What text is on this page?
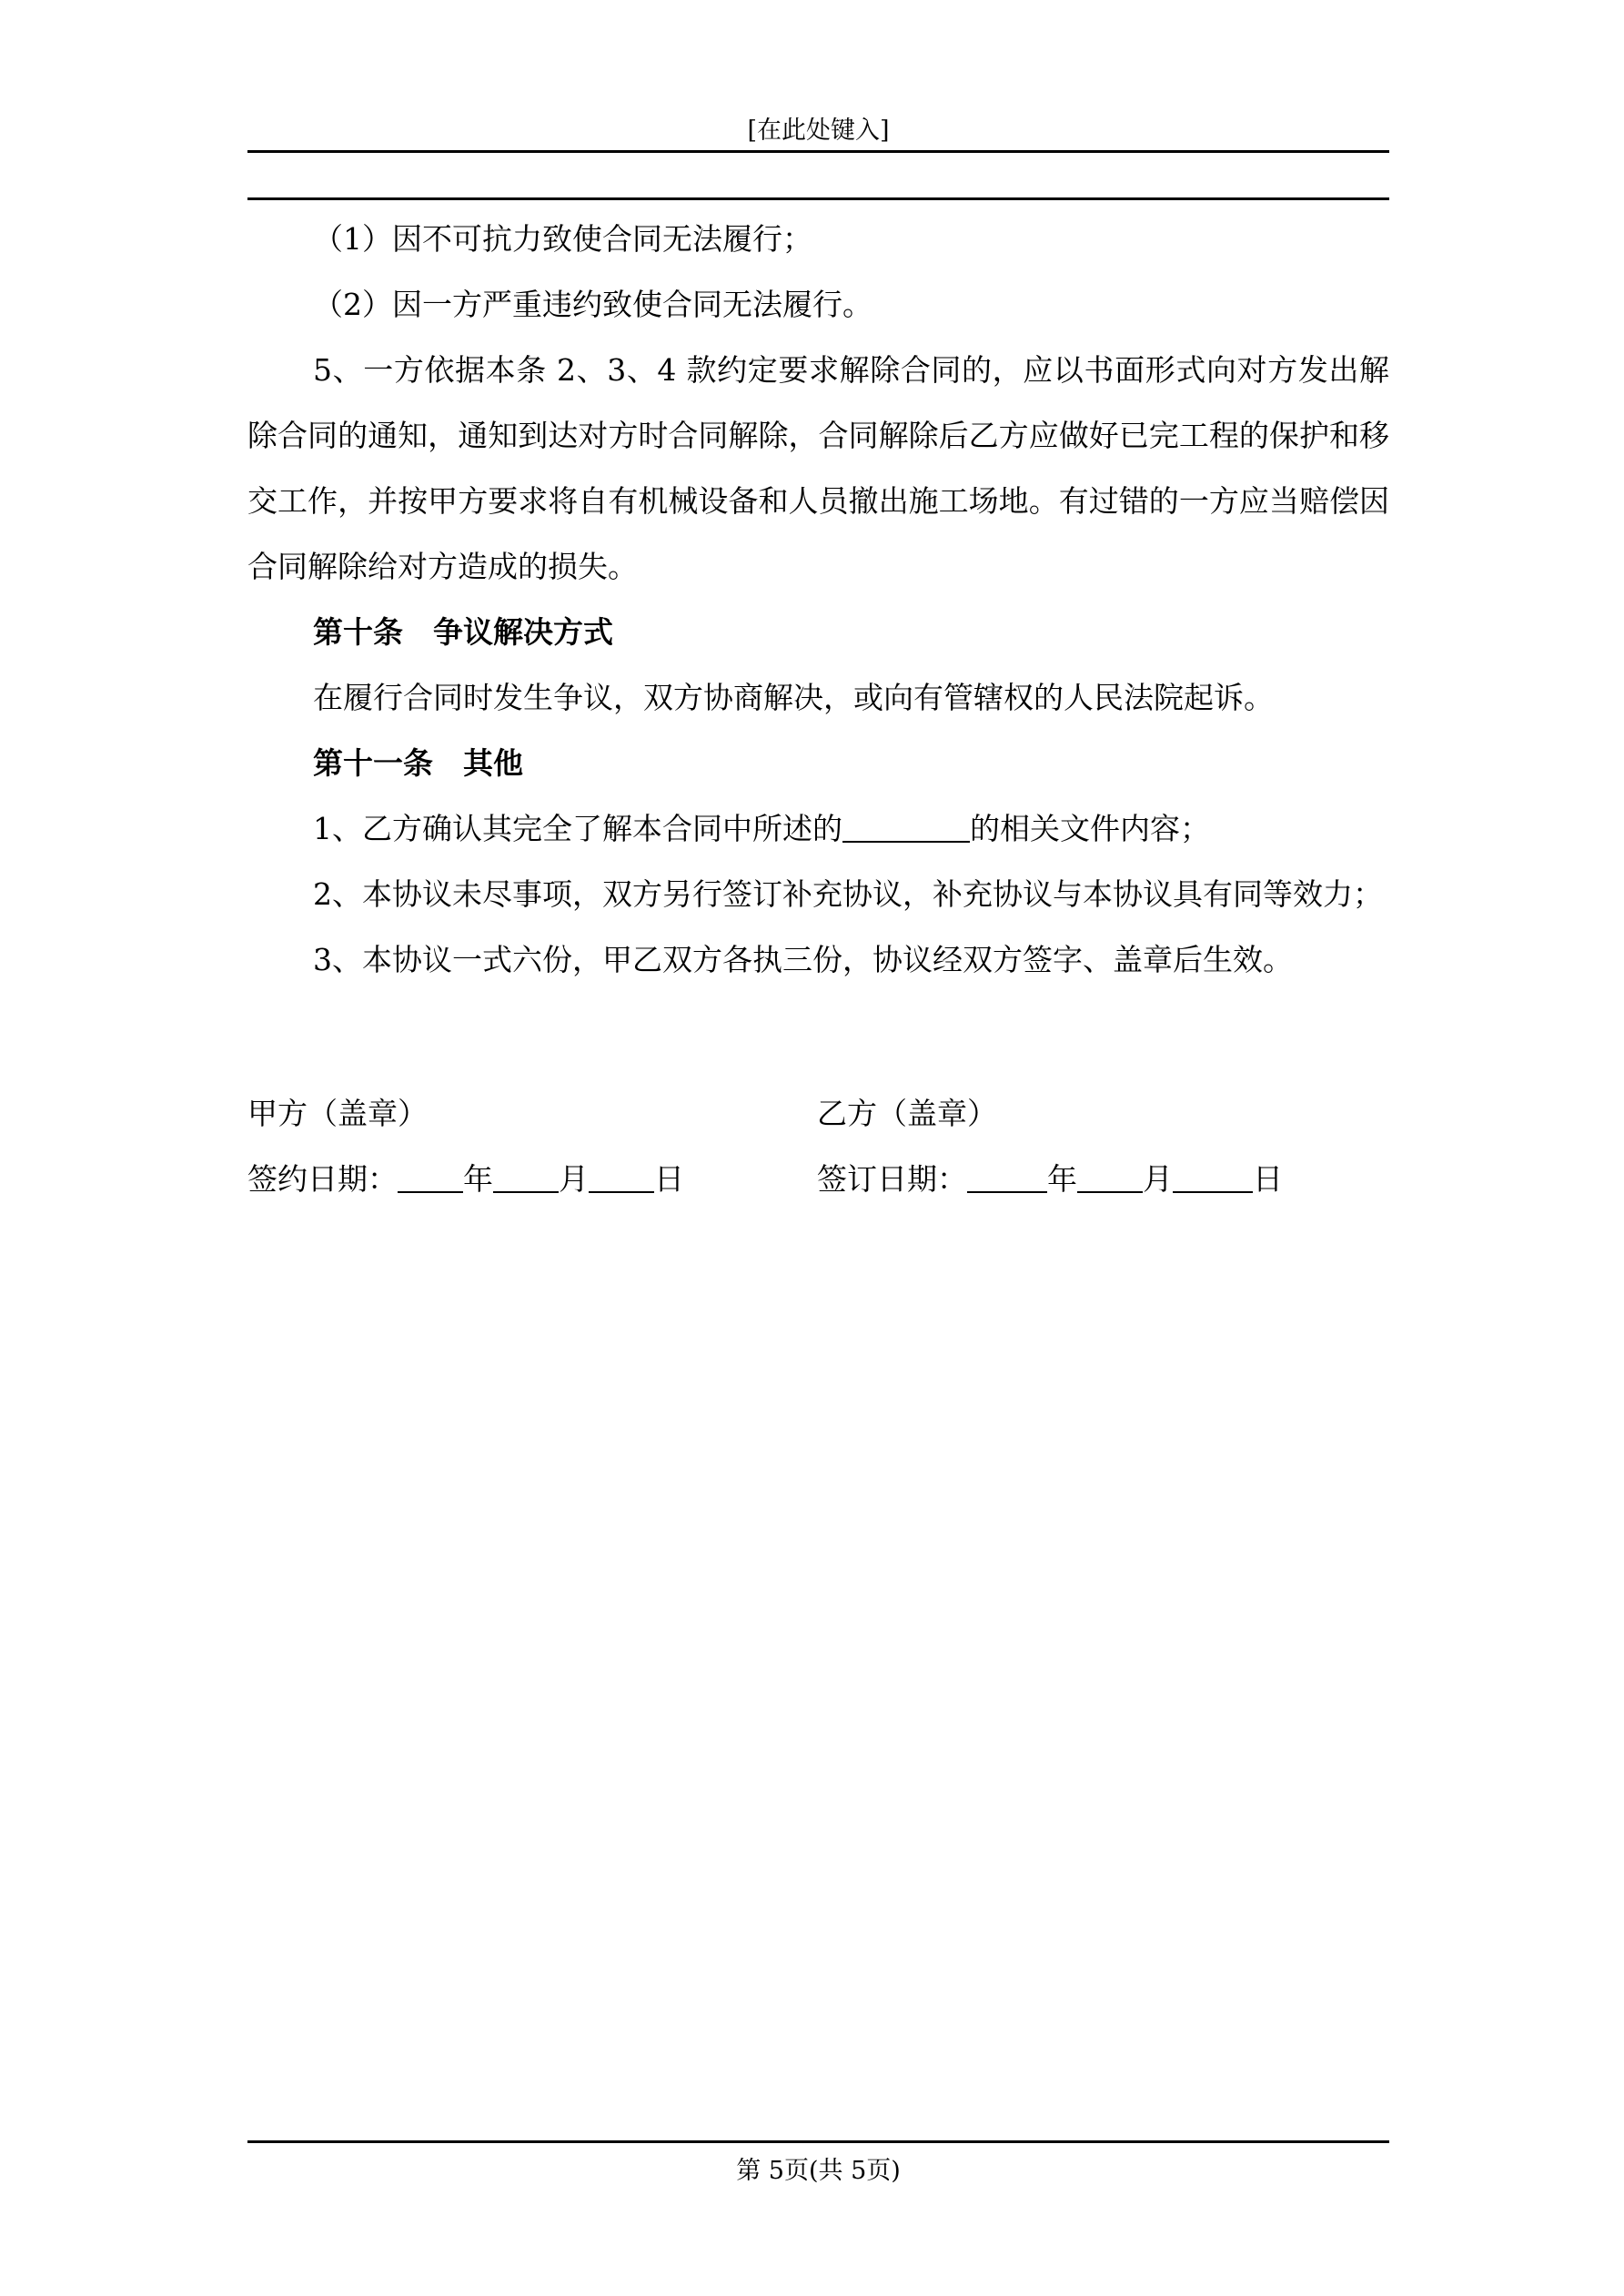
[在此处键入]

（1）因不可抗力致使合同无法履行；

（2）因一方严重违约致使合同无法履行。

5、一方依据本条 2、3、4 款约定要求解除合同的，应以书面形式向对方发出解除合同的通知，通知到达对方时合同解除，合同解除后乙方应做好已完工程的保护和移交工作，并按甲方要求将自有机械设备和人员撤出施工场地。有过错的一方应当赔偿因合同解除给对方造成的损失。

第十条　争议解决方式

在履行合同时发生争议，双方协商解决，或向有管辖权的人民法院起诉。

第十一条　其他

1、乙方确认其完全了解本合同中所述的	的相关文件内容；

2、本协议未尽事项，双方另行签订补充协议，补充协议与本协议具有同等效力；

3、本协议一式六份，甲乙双方各执三份，协议经双方签字、盖章后生效。

甲方（盖章）

签约日期： 年 月 日

乙方（盖章）

签订日期：	年 月	日

第 5页(共 5页)
